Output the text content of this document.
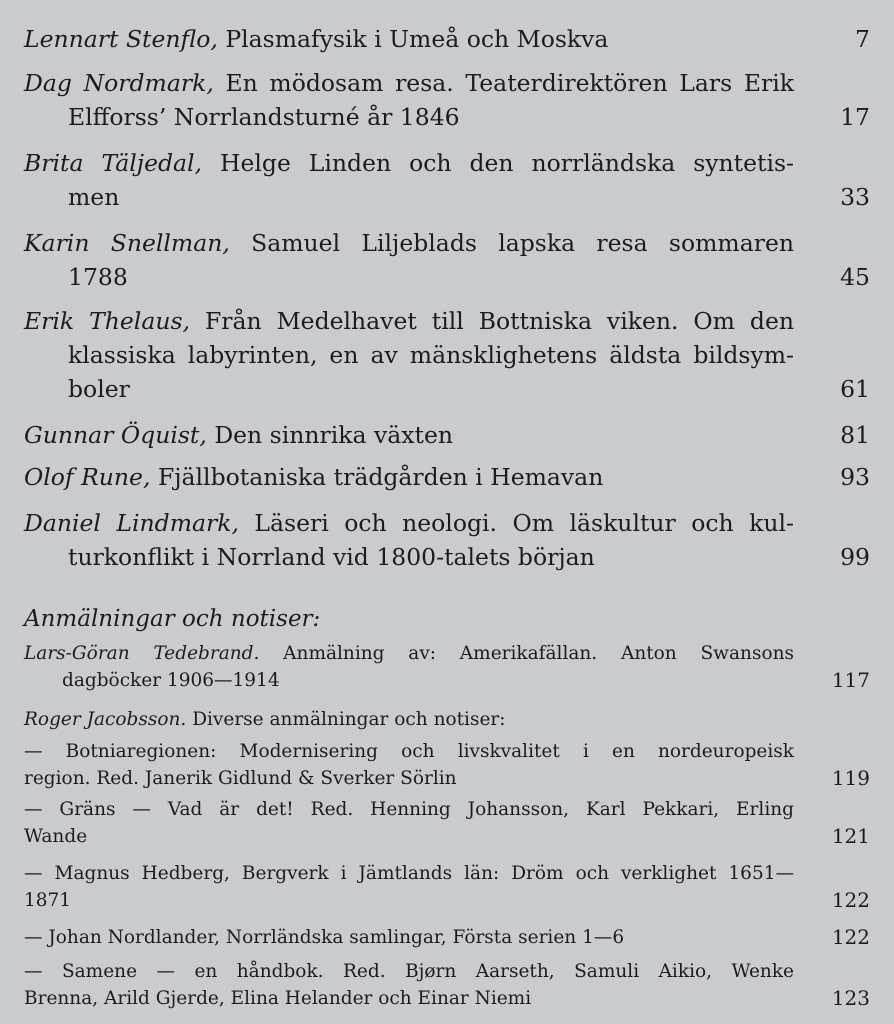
Lennart Stenflo, Plasmafysik i Umeå och Moskva	7
Dag Nordmark, En mödosam resa. Teaterdirektören Lars Erik
Elfforss’ Norrlandsturné år 1846	17
Brita Täljedal, Helge Linden och den norrländska syntetis-
men	33
Karin Snellman, Samuel Liljeblads lapska resa sommaren
1788	45
Erik Thelaus, Från Medelhavet till Bottniska viken. Om den
klassiska labyrinten, en av mänsklighetens äldsta bildsym-
boler	61
Gunnar Öquist, Den sinnrika växten	81
Olof Rune, Fjällbotaniska trädgården i Hemavan	93
Daniel Lindmark, Läseri och neologi. Om läskultur och kul-
turkonflikt i Norrland vid 1800-talets början	99
Anmälningar och notiser:
Lars-Göran Tedebrand. Anmälning av: Amerikafällan. Anton Swansons
dagböcker 1906—1914	117
Roger Jacobsson. Diverse anmälningar och notiser:
— Botniaregionen: Modernisering och livskvalitet i en nordeuropeisk
region. Red. Janerik Gidlund & Sverker Sörlin	119
— Gräns — Vad är det! Red. Henning Johansson, Karl Pekkari, Erling
Wande	121
— Magnus Hedberg, Bergverk i Jämtlands län: Dröm och verklighet 1651—
1871	122
— Johan Nordlander, Norrländska samlingar, Första serien 1—6	122
— Samene — en håndbok. Red. Bjørn Aarseth, Samuli Aikio, Wenke
Brenna, Arild Gjerde, Elina Helander och Einar Niemi	123
